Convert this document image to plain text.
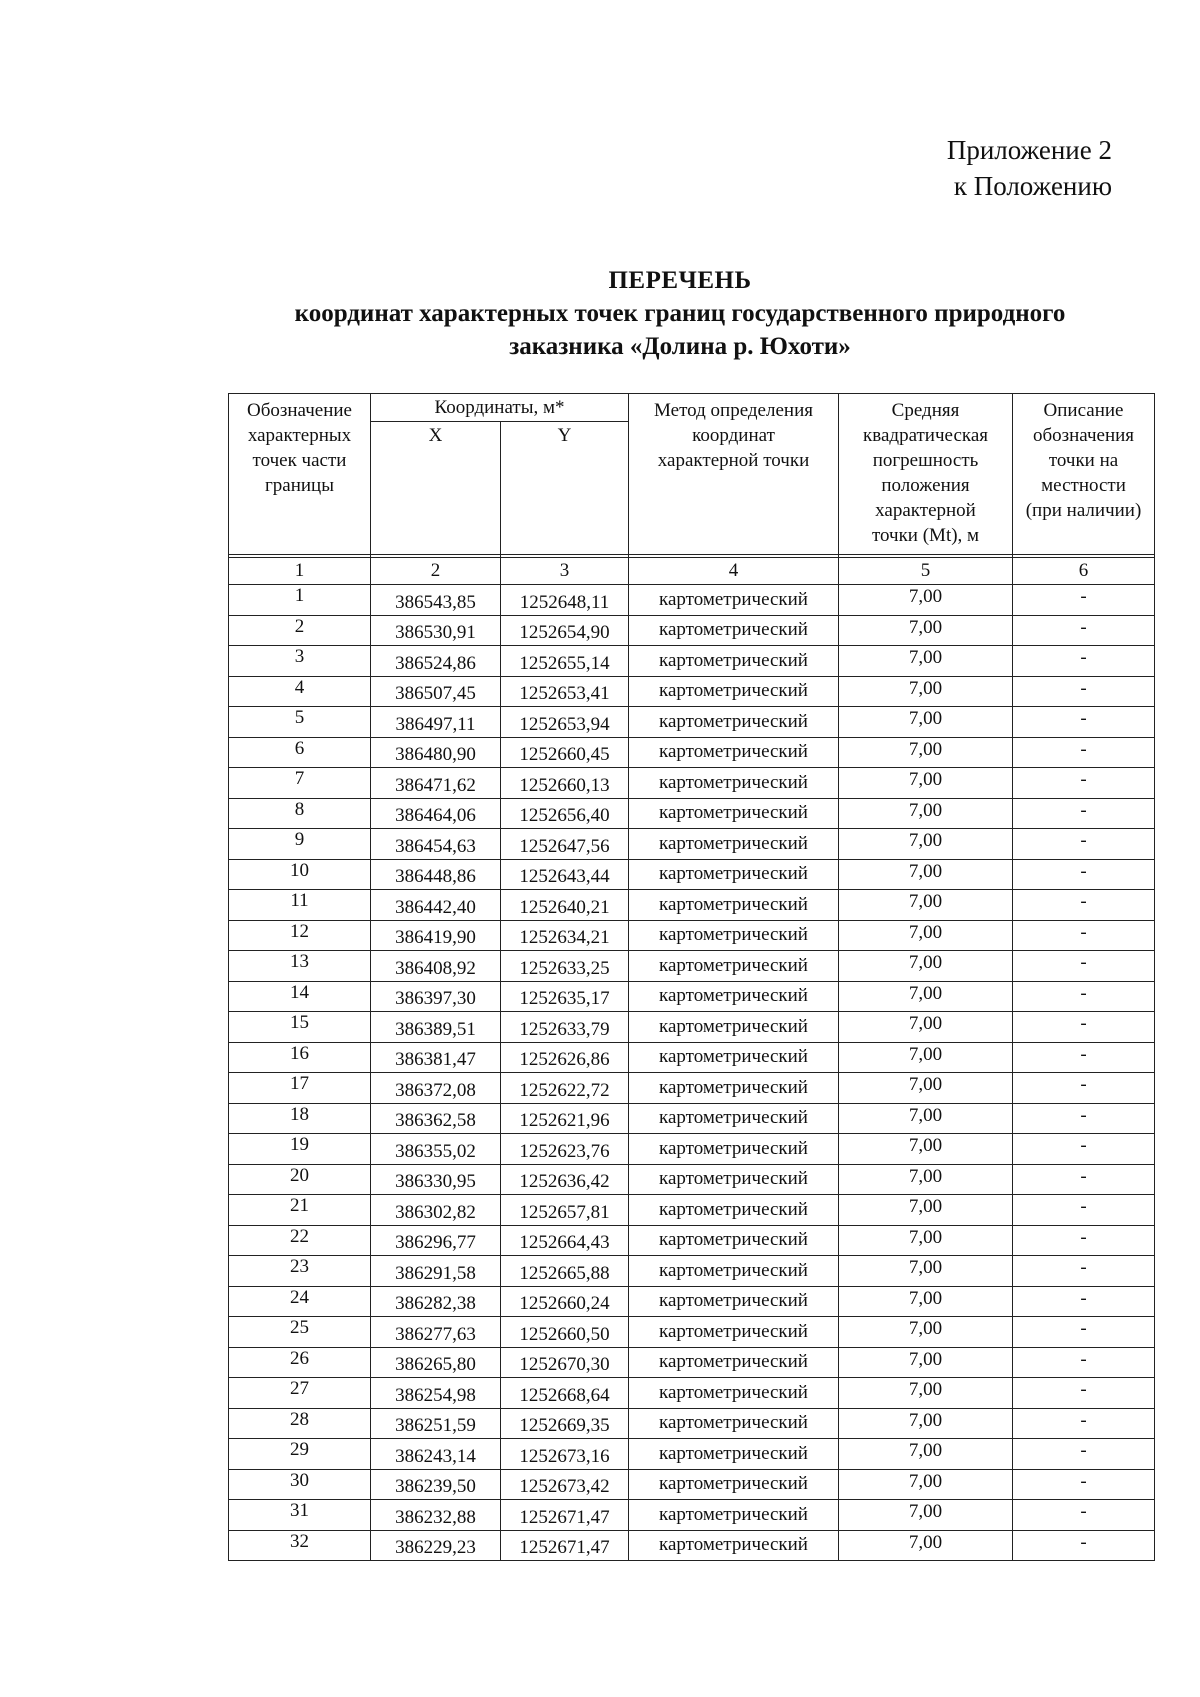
Приложение 2
к Положению
ПЕРЕЧЕНЬ
координат характерных точек границ государственного природного
заказника «Долина р. Юхоти»
Обозначение характерных точек части границы	Координаты, м*		Метод определения координат характерной точки	Средняя квадратическая погрешность положения характерной точки (Mt), м	Описание обозначения точки на местности (при наличии)

	X	Y			

1	2	3	4	5	6
1	386543,85	1252648,11	картометрический	7,00	-
2	386530,91	1252654,90	картометрический	7,00	-
3	386524,86	1252655,14	картометрический	7,00	-
4	386507,45	1252653,41	картометрический	7,00	-
5	386497,11	1252653,94	картометрический	7,00	-
6	386480,90	1252660,45	картометрический	7,00	-
7	386471,62	1252660,13	картометрический	7,00	-
8	386464,06	1252656,40	картометрический	7,00	-
9	386454,63	1252647,56	картометрический	7,00	-
10	386448,86	1252643,44	картометрический	7,00	-
11	386442,40	1252640,21	картометрический	7,00	-
12	386419,90	1252634,21	картометрический	7,00	-
13	386408,92	1252633,25	картометрический	7,00	-
14	386397,30	1252635,17	картометрический	7,00	-
15	386389,51	1252633,79	картометрический	7,00	-
16	386381,47	1252626,86	картометрический	7,00	-
17	386372,08	1252622,72	картометрический	7,00	-
18	386362,58	1252621,96	картометрический	7,00	-
19	386355,02	1252623,76	картометрический	7,00	-
20	386330,95	1252636,42	картометрический	7,00	-
21	386302,82	1252657,81	картометрический	7,00	-
22	386296,77	1252664,43	картометрический	7,00	-
23	386291,58	1252665,88	картометрический	7,00	-
24	386282,38	1252660,24	картометрический	7,00	-
25	386277,63	1252660,50	картометрический	7,00	-
26	386265,80	1252670,30	картометрический	7,00	-
27	386254,98	1252668,64	картометрический	7,00	-
28	386251,59	1252669,35	картометрический	7,00	-
29	386243,14	1252673,16	картометрический	7,00	-
30	386239,50	1252673,42	картометрический	7,00	-
31	386232,88	1252671,47	картометрический	7,00	-
32	386229,23	1252671,47	картометрический	7,00	-
